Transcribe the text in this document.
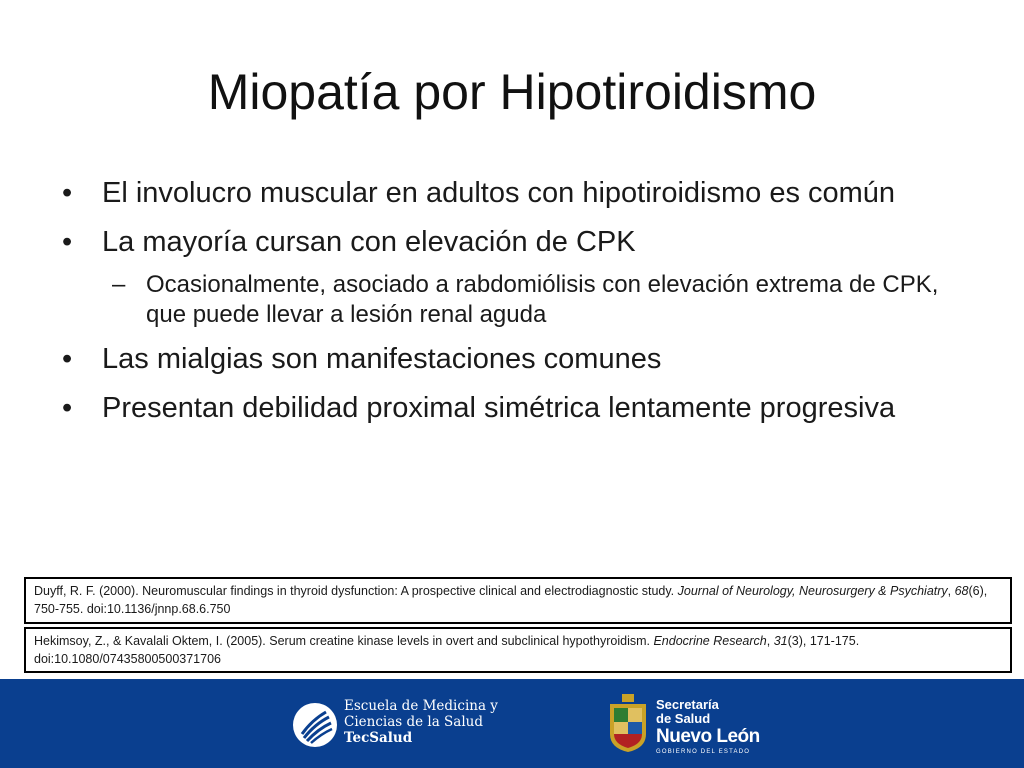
Miopatía por Hipotiroidismo
• El involucro muscular en adultos con hipotiroidismo es común
• La mayoría cursan con elevación de CPK
– Ocasionalmente, asociado a rabdomiólisis con elevación extrema de CPK, que puede llevar a lesión renal aguda
• Las mialgias son manifestaciones comunes
• Presentan debilidad proximal simétrica lentamente progresiva
Duyff, R. F. (2000). Neuromuscular findings in thyroid dysfunction: A prospective clinical and electrodiagnostic study. Journal of Neurology, Neurosurgery & Psychiatry, 68(6), 750-755. doi:10.1136/jnnp.68.6.750
Hekimsoy, Z., & Kavalali Oktem, I. (2005). Serum creatine kinase levels in overt and subclinical hypothyroidism. Endocrine Research, 31(3), 171-175. doi:10.1080/07435800500371706
Escuela de Medicina y
Ciencias de la Salud
TecSalud
Secretaría
de Salud
Nuevo León
GOBIERNO DEL ESTADO
